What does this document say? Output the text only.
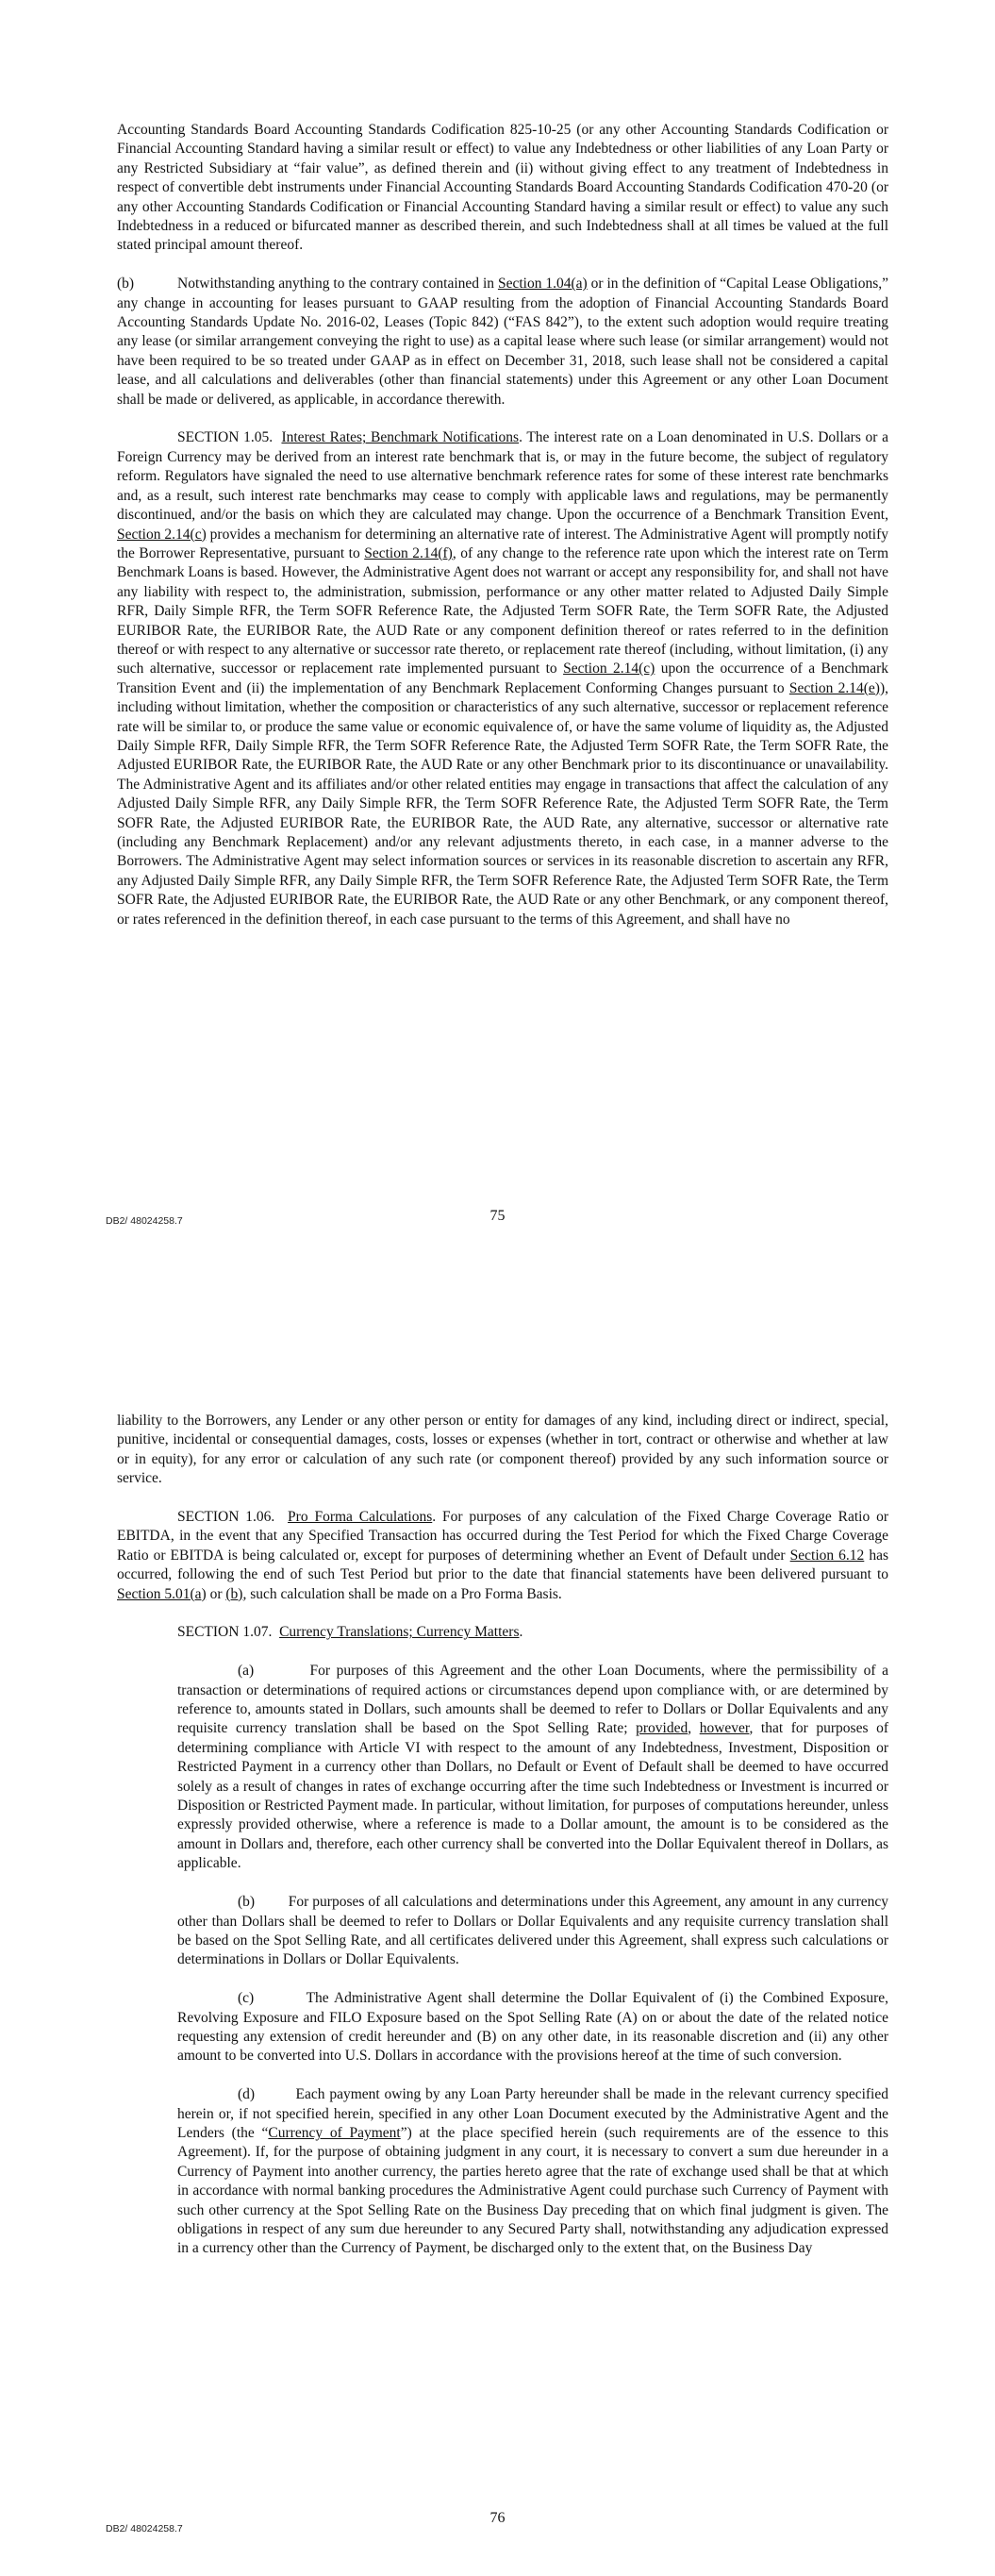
Accounting Standards Board Accounting Standards Codification 825-10-25 (or any other Accounting Standards Codification or Financial Accounting Standard having a similar result or effect) to value any Indebtedness or other liabilities of any Loan Party or any Restricted Subsidiary at “fair value”, as defined therein and (ii) without giving effect to any treatment of Indebtedness in respect of convertible debt instruments under Financial Accounting Standards Board Accounting Standards Codification 470-20 (or any other Accounting Standards Codification or Financial Accounting Standard having a similar result or effect) to value any such Indebtedness in a reduced or bifurcated manner as described therein, and such Indebtedness shall at all times be valued at the full stated principal amount thereof.

(b)	Notwithstanding anything to the contrary contained in Section 1.04(a) or in the definition of “Capital Lease Obligations,” any change in accounting for leases pursuant to GAAP resulting from the adoption of Financial Accounting Standards Board Accounting Standards Update No. 2016-02, Leases (Topic 842) (“FAS 842”), to the extent such adoption would require treating any lease (or similar arrangement conveying the right to use) as a capital lease where such lease (or similar arrangement) would not have been required to be so treated under GAAP as in effect on December 31, 2018, such lease shall not be considered a capital lease, and all calculations and deliverables (other than financial statements) under this Agreement or any other Loan Document shall be made or delivered, as applicable, in accordance therewith.

SECTION 1.05. Interest Rates; Benchmark Notifications. The interest rate on a Loan denominated in U.S. Dollars or a Foreign Currency may be derived from an interest rate benchmark that is, or may in the future become, the subject of regulatory reform. Regulators have signaled the need to use alternative benchmark reference rates for some of these interest rate benchmarks and, as a result, such interest rate benchmarks may cease to comply with applicable laws and regulations, may be permanently discontinued, and/or the basis on which they are calculated may change. Upon the occurrence of a Benchmark Transition Event, Section 2.14(c) provides a mechanism for determining an alternative rate of interest. The Administrative Agent will promptly notify the Borrower Representative, pursuant to Section 2.14(f), of any change to the reference rate upon which the interest rate on Term Benchmark Loans is based. However, the Administrative Agent does not warrant or accept any responsibility for, and shall not have any liability with respect to, the administration, submission, performance or any other matter related to Adjusted Daily Simple RFR, Daily Simple RFR, the Term SOFR Reference Rate, the Adjusted Term SOFR Rate, the Term SOFR Rate, the Adjusted EURIBOR Rate, the EURIBOR Rate, the AUD Rate or any component definition thereof or rates referred to in the definition thereof or with respect to any alternative or successor rate thereto, or replacement rate thereof (including, without limitation, (i) any such alternative, successor or replacement rate implemented pursuant to Section 2.14(c) upon the occurrence of a Benchmark Transition Event and (ii) the implementation of any Benchmark Replacement Conforming Changes pursuant to Section 2.14(e)), including without limitation, whether the composition or characteristics of any such alternative, successor or replacement reference rate will be similar to, or produce the same value or economic equivalence of, or have the same volume of liquidity as, the Adjusted Daily Simple RFR, Daily Simple RFR, the Term SOFR Reference Rate, the Adjusted Term SOFR Rate, the Term SOFR Rate, the Adjusted EURIBOR Rate, the EURIBOR Rate, the AUD Rate or any other Benchmark prior to its discontinuance or unavailability. The Administrative Agent and its affiliates and/or other related entities may engage in transactions that affect the calculation of any Adjusted Daily Simple RFR, any Daily Simple RFR, the Term SOFR Reference Rate, the Adjusted Term SOFR Rate, the Term SOFR Rate, the Adjusted EURIBOR Rate, the EURIBOR Rate, the AUD Rate, any alternative, successor or alternative rate (including any Benchmark Replacement) and/or any relevant adjustments thereto, in each case, in a manner adverse to the Borrowers. The Administrative Agent may select information sources or services in its reasonable discretion to ascertain any RFR, any Adjusted Daily Simple RFR, any Daily Simple RFR, the Term SOFR Reference Rate, the Adjusted Term SOFR Rate, the Term SOFR Rate, the Adjusted EURIBOR Rate, the EURIBOR Rate, the AUD Rate or any other Benchmark, or any component thereof, or rates referenced in the definition thereof, in each case pursuant to the terms of this Agreement, and shall have no

DB2/ 48024258.7	75

liability to the Borrowers, any Lender or any other person or entity for damages of any kind, including direct or indirect, special, punitive, incidental or consequential damages, costs, losses or expenses (whether in tort, contract or otherwise and whether at law or in equity), for any error or calculation of any such rate (or component thereof) provided by any such information source or service.

SECTION 1.06. Pro Forma Calculations. For purposes of any calculation of the Fixed Charge Coverage Ratio or EBITDA, in the event that any Specified Transaction has occurred during the Test Period for which the Fixed Charge Coverage Ratio or EBITDA is being calculated or, except for purposes of determining whether an Event of Default under Section 6.12 has occurred, following the end of such Test Period but prior to the date that financial statements have been delivered pursuant to Section 5.01(a) or (b), such calculation shall be made on a Pro Forma Basis.

SECTION 1.07. Currency Translations; Currency Matters.

(a)	For purposes of this Agreement and the other Loan Documents, where the permissibility of a transaction or determinations of required actions or circumstances depend upon compliance with, or are determined by reference to, amounts stated in Dollars, such amounts shall be deemed to refer to Dollars or Dollar Equivalents and any requisite currency translation shall be based on the Spot Selling Rate; provided, however, that for purposes of determining compliance with Article VI with respect to the amount of any Indebtedness, Investment, Disposition or Restricted Payment in a currency other than Dollars, no Default or Event of Default shall be deemed to have occurred solely as a result of changes in rates of exchange occurring after the time such Indebtedness or Investment is incurred or Disposition or Restricted Payment made. In particular, without limitation, for purposes of computations hereunder, unless expressly provided otherwise, where a reference is made to a Dollar amount, the amount is to be considered as the amount in Dollars and, therefore, each other currency shall be converted into the Dollar Equivalent thereof in Dollars, as applicable.

(b) For purposes of all calculations and determinations under this Agreement, any amount in any currency other than Dollars shall be deemed to refer to Dollars or Dollar Equivalents and any requisite currency translation shall be based on the Spot Selling Rate, and all certificates delivered under this Agreement, shall express such calculations or determinations in Dollars or Dollar Equivalents.

(c)	The Administrative Agent shall determine the Dollar Equivalent of (i) the Combined Exposure, Revolving Exposure and FILO Exposure based on the Spot Selling Rate (A) on or about the date of the related notice requesting any extension of credit hereunder and (B) on any other date, in its reasonable discretion and (ii) any other amount to be converted into U.S. Dollars in accordance with the provisions hereof at the time of such conversion.

(d)	Each payment owing by any Loan Party hereunder shall be made in the relevant currency specified herein or, if not specified herein, specified in any other Loan Document executed by the Administrative Agent and the Lenders (the “Currency of Payment”) at the place specified herein (such requirements are of the essence to this Agreement). If, for the purpose of obtaining judgment in any court, it is necessary to convert a sum due hereunder in a Currency of Payment into another currency, the parties hereto agree that the rate of exchange used shall be that at which in accordance with normal banking procedures the Administrative Agent could purchase such Currency of Payment with such other currency at the Spot Selling Rate on the Business Day preceding that on which final judgment is given. The obligations in respect of any sum due hereunder to any Secured Party shall, notwithstanding any adjudication expressed in a currency other than the Currency of Payment, be discharged only to the extent that, on the Business Day

DB2/ 48024258.7
76
